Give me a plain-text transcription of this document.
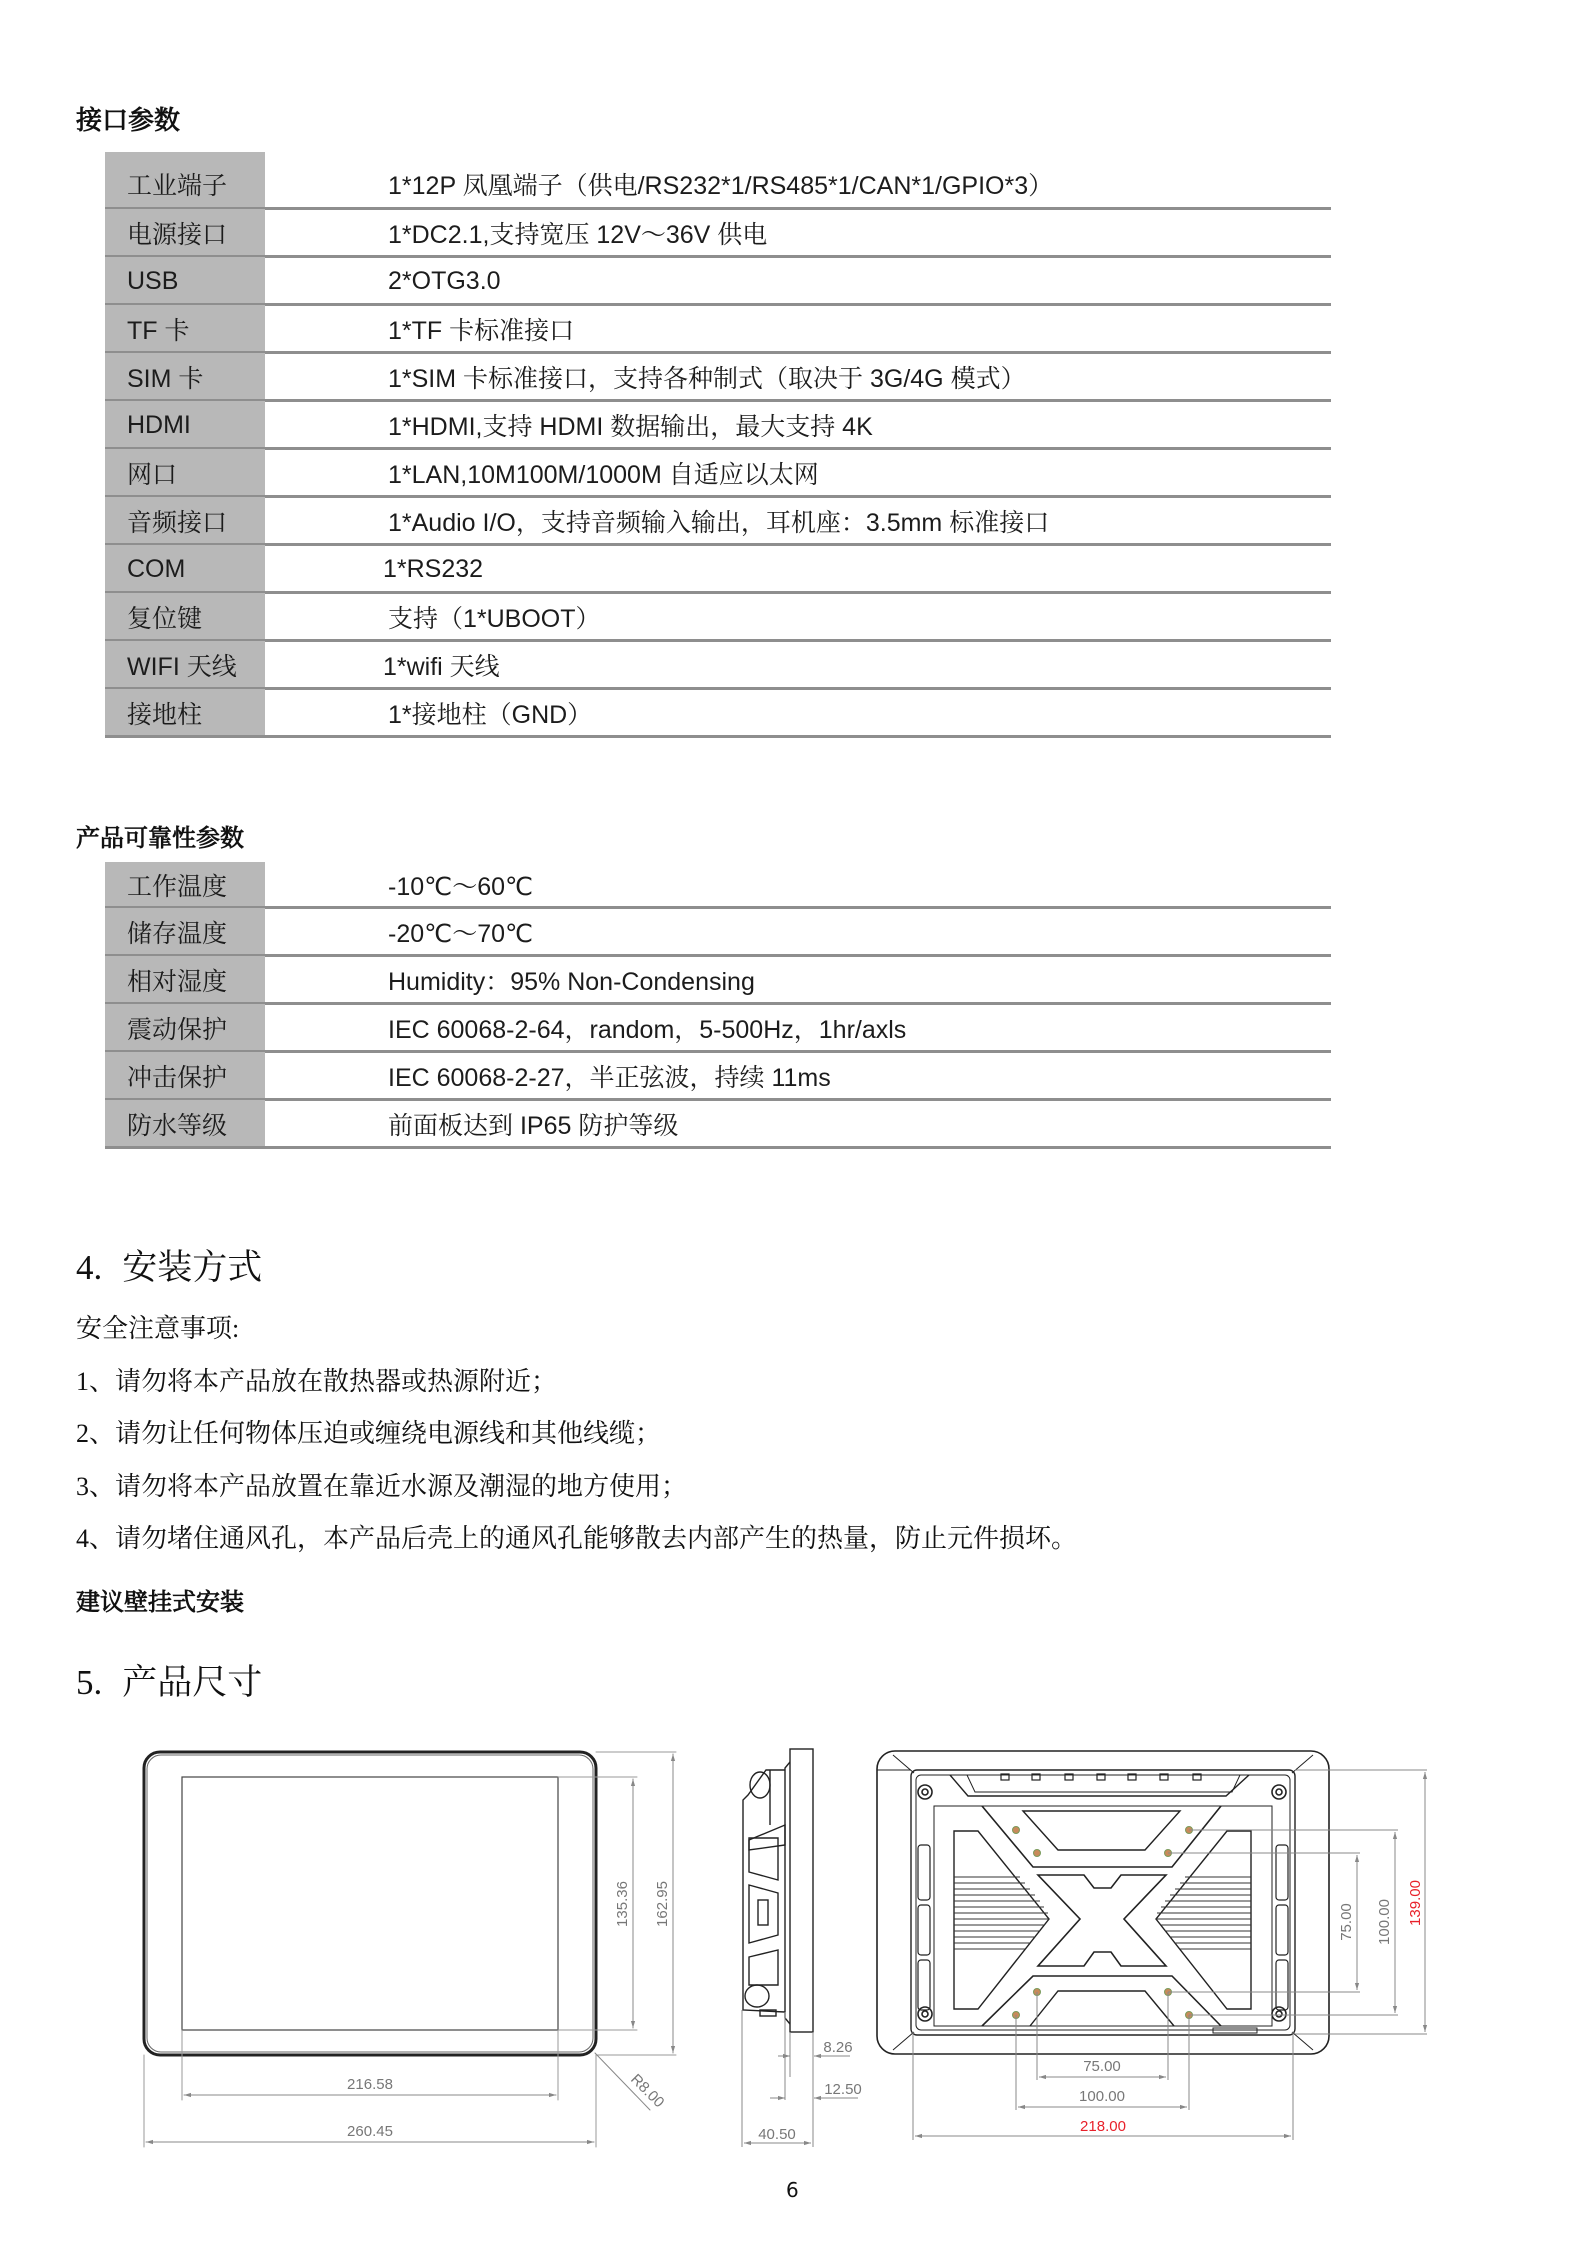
接口参数
工业端子	1*12P 凤凰端子（供电/RS232*1/RS485*1/CAN*1/GPIO*3）
电源接口	1*DC2.1,支持宽压 12V～36V 供电
USB	2*OTG3.0
TF 卡	1*TF 卡标准接口
SIM 卡	1*SIM 卡标准接口，支持各种制式（取决于 3G/4G 模式）
HDMI	1*HDMI,支持 HDMI 数据输出，最大支持 4K
网口	1*LAN,10M100M/1000M 自适应以太网
音频接口	1*Audio I/O，支持音频输入输出，耳机座：3.5mm 标准接口
COM	1*RS232
复位键	支持（1*UBOOT）
WIFI 天线	1*wifi 天线
接地柱	1*接地柱（GND）
产品可靠性参数
工作温度	-10℃～60℃
储存温度	-20℃～70℃
相对湿度	Humidity：95% Non-Condensing
震动保护	IEC 60068-2-64，random，5-500Hz，1hr/axls
冲击保护	IEC 60068-2-27，半正弦波，持续 11ms
防水等级	前面板达到 IP65 防护等级
4. 安装方式
安全注意事项:
1、请勿将本产品放在散热器或热源附近；
2、请勿让任何物体压迫或缠绕电源线和其他线缆；
3、请勿将本产品放置在靠近水源及潮湿的地方使用；
4、请勿堵住通风孔，本产品后壳上的通风孔能够散去内部产生的热量，防止元件损坏。
建议壁挂式安装
5. 产品尺寸
135.36 162.95
216.58
260.45
R8.00
8.26
12.50
40.50
75.00
100.00
218.00
75.00 100.00 139.00
6
